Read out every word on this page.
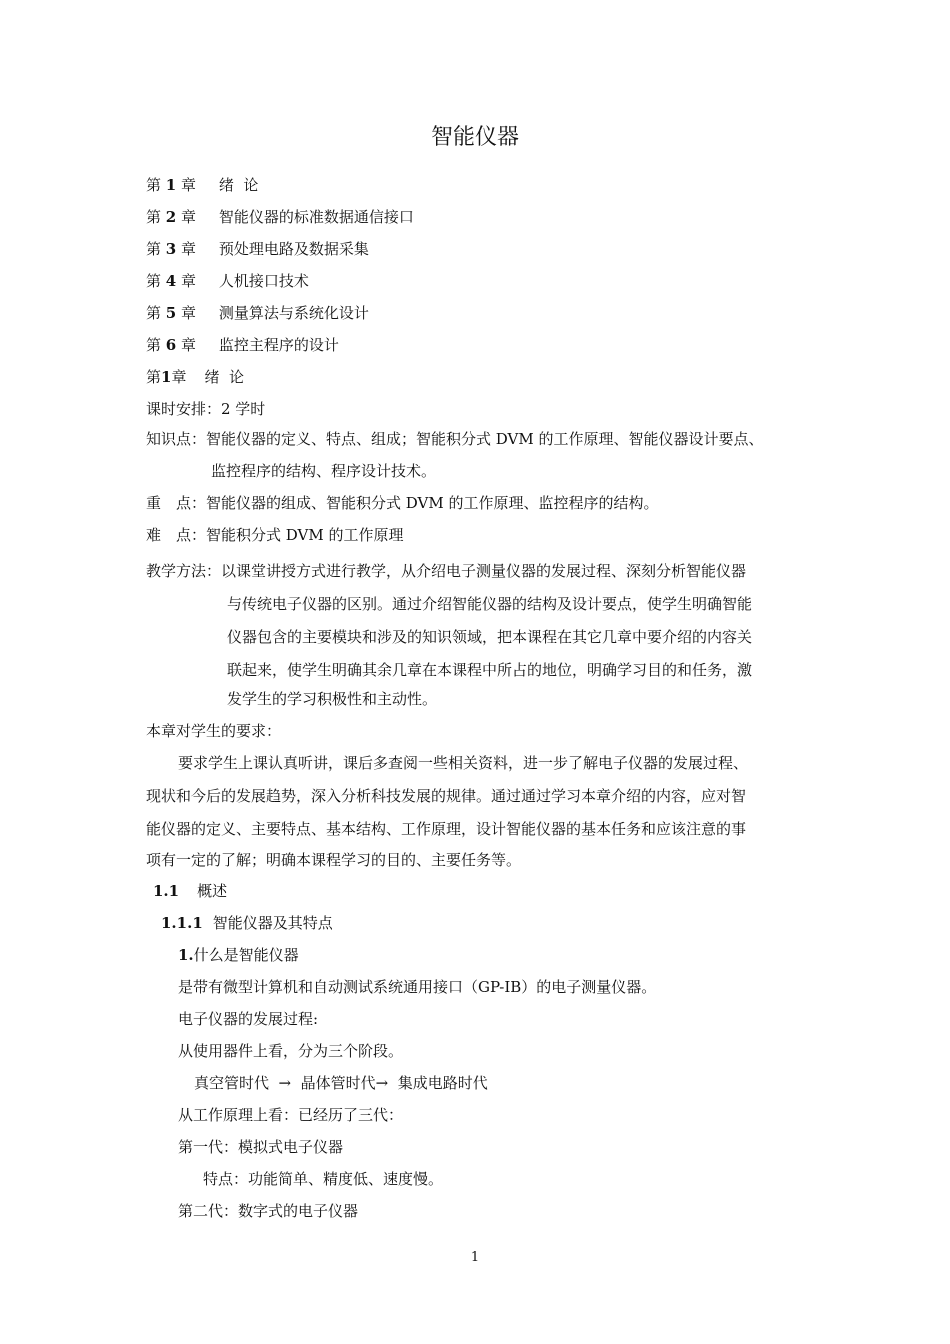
智能仪器
第 1 章 绪  论
第 2 章 智能仪器的标准数据通信接口
第 3 章 预处理电路及数据采集
第 4 章 人机接口技术
第 5 章 测量算法与系统化设计
第 6 章 监控主程序的设计
第1章 绪  论
课时安排：2 学时
知识点：智能仪器的定义、特点、组成；智能积分式 DVM 的工作原理、智能仪器设计要点、
监控程序的结构、程序设计技术。
重　点：智能仪器的组成、智能积分式 DVM 的工作原理、监控程序的结构。
难　点：智能积分式 DVM 的工作原理
教学方法：以课堂讲授方式进行教学，从介绍电子测量仪器的发展过程、深刻分析智能仪器
与传统电子仪器的区别。通过介绍智能仪器的结构及设计要点，使学生明确智能
仪器包含的主要模块和涉及的知识领域，把本课程在其它几章中要介绍的内容关
联起来，使学生明确其余几章在本课程中所占的地位，明确学习目的和任务，激
发学生的学习积极性和主动性。
本章对学生的要求：
要求学生上课认真听讲，课后多查阅一些相关资料，进一步了解电子仪器的发展过程、
现状和今后的发展趋势，深入分析科技发展的规律。通过通过学习本章介绍的内容，应对智
能仪器的定义、主要特点、基本结构、工作原理，设计智能仪器的基本任务和应该注意的事
项有一定的了解；明确本课程学习的目的、主要任务等。
1.1 概述
1.1.1 智能仪器及其特点
1.什么是智能仪器
是带有微型计算机和自动测试系统通用接口（GP-IB）的电子测量仪器。
电子仪器的发展过程:
从使用器件上看，分为三个阶段。
真空管时代  →  晶体管时代→  集成电路时代
从工作原理上看：已经历了三代：
第一代：模拟式电子仪器
特点：功能简单、精度低、速度慢。
第二代：数字式的电子仪器
1
